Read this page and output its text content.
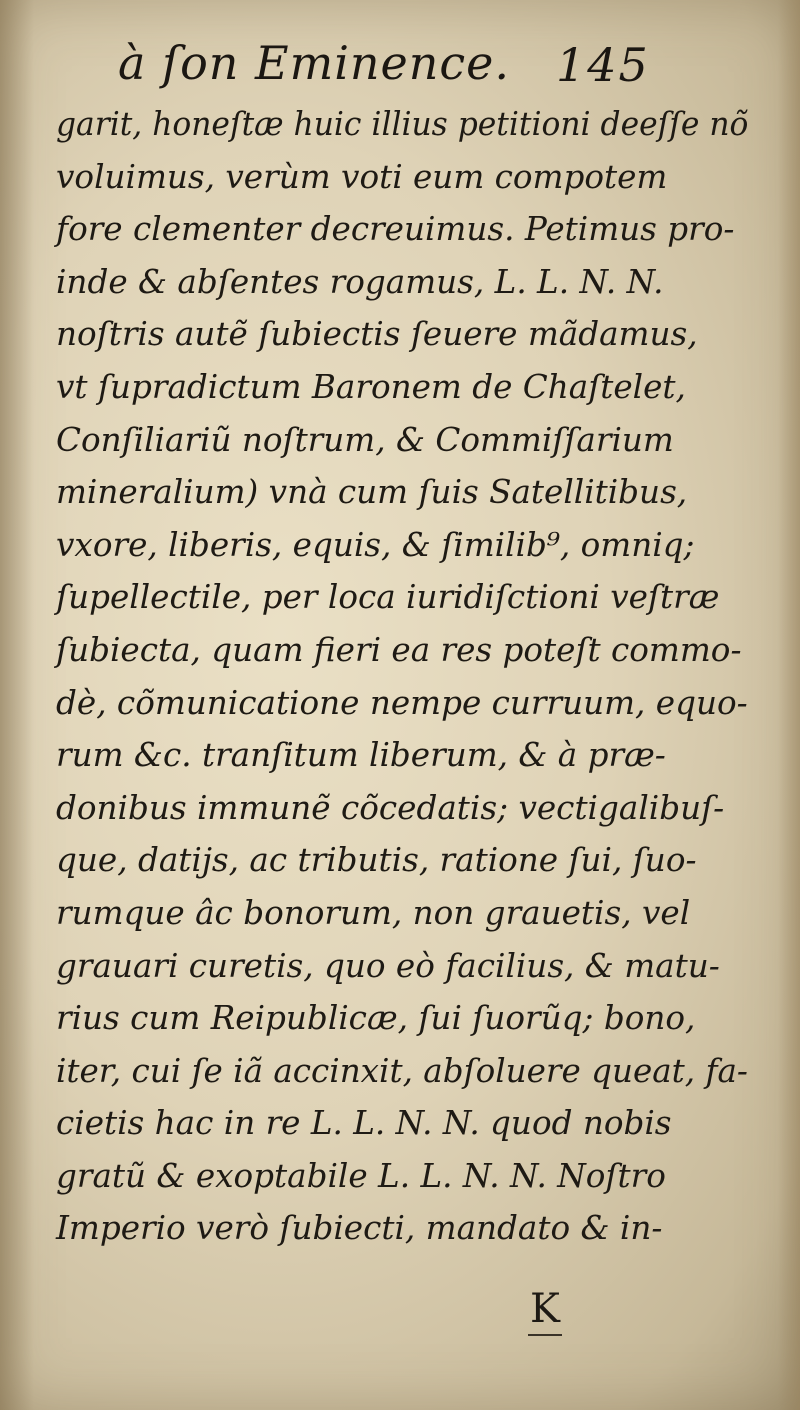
à ſon Eminence. 145
garit, honeſtæ huic illius petitioni deeſſe nõ
voluimus, verùm voti eum compotem
fore clementer decreuimus. Petimus pro-
inde & abſentes rogamus, L. L. N. N.
noſtris autẽ ſubiectis ſeuere mãdamus,
vt ſupradictum Baronem de Chaſtelet,
Conſiliariũ noſtrum, & Commiſſarium
mineralium) vnà cum ſuis Satellitibus,
vxore, liberis, equis, & ſimilib⁹, omniq;
ſupellectile, per loca iuridiſctioni veſtræ
ſubiecta, quam fieri ea res poteſt commo-
dè, cõmunicatione nempe curruum, equo-
rum &c. tranſitum liberum, & à præ-
donibus immunẽ cõcedatis; vectigalibuſ-
que, datijs, ac tributis, ratione ſui, ſuo-
rumque âc bonorum, non grauetis, vel
grauari curetis, quo eò facilius, & matu-
rius cum Reipublicæ, ſui ſuorũq; bono,
iter, cui ſe iã accinxit, abſoluere queat, fa-
cietis hac in re L. L. N. N. quod nobis
gratũ & exoptabile L. L. N. N. Noſtro
Imperio verò ſubiecti, mandato & in-
K
